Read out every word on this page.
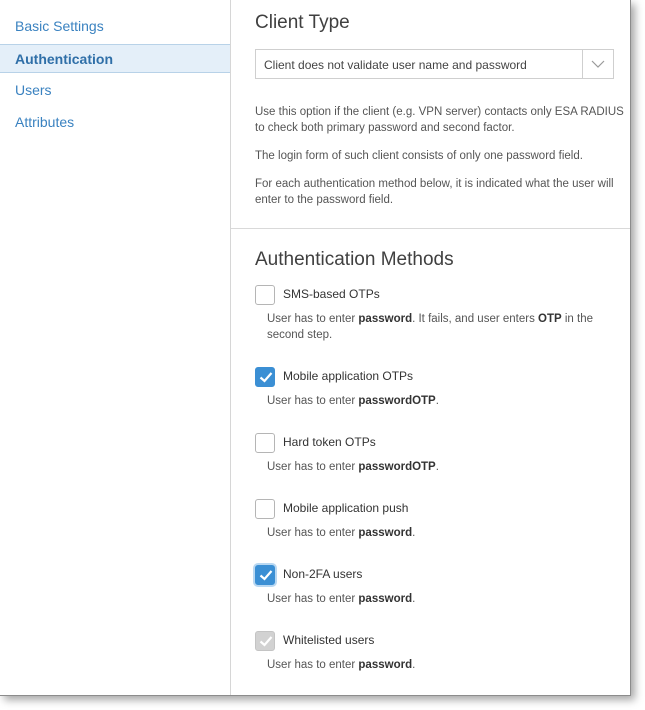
Basic Settings
Authentication
Users
Attributes
Client Type
Client does not validate user name and password
Use this option if the client (e.g. VPN server) contacts only ESA RADIUS to check both primary password and second factor.
The login form of such client consists of only one password field.
For each authentication method below, it is indicated what the user will enter to the password field.
Authentication Methods
SMS-based OTPs
User has to enter password. It fails, and user enters OTP in the second step.
Mobile application OTPs
User has to enter passwordOTP.
Hard token OTPs
User has to enter passwordOTP.
Mobile application push
User has to enter password.
Non-2FA users
User has to enter password.
Whitelisted users
User has to enter password.
